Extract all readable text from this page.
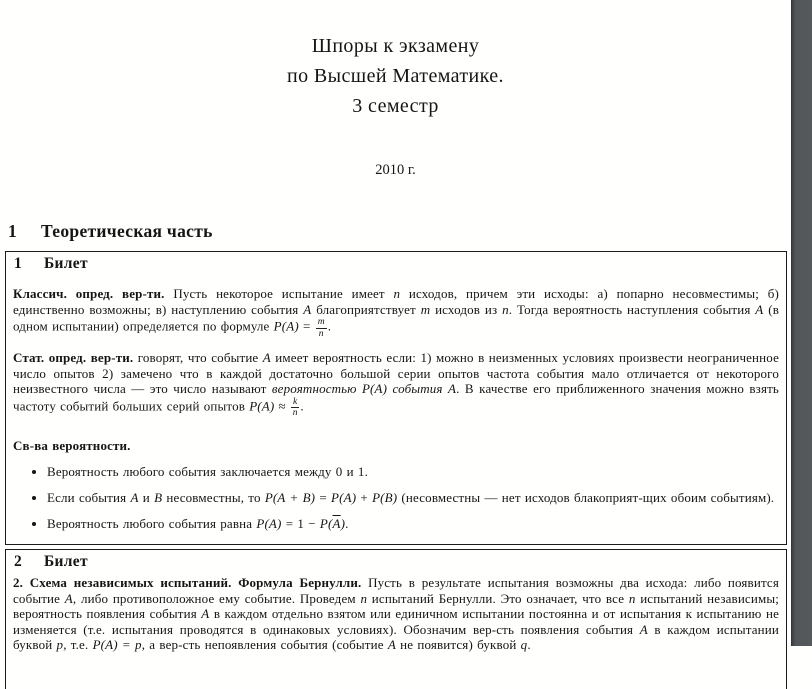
Шпоры к экзамену
по Высшей Математике.
3 семестр
2010 г.
1 Теоретическая часть
1 Билет

Классич. опред. вер-ти. Пусть некоторое испытание имеет n исходов, причем эти исходы: а) попарно несовместимы; б) единственно возможны; в) наступлению события A благоприятствует m исходов из n. Тогда вероятность наступления события A (в одном испытании) определяется по формуле $P(A) = \frac{m}{n}$ .

Стат. опред. вер-ти. говорят, что событие A имеет вероятность если: 1) можно в неизменных условиях произвести неограниченное число опытов 2) замечено что в каждой достаточно большой серии опытов частота события мало отличается от некоторого неизвестного числа — это число называют вероятностью P(A) события A. В качестве его приближенного значения можно взять частоту событий больших серий опытов $P(A) \approx \frac{k}{n}$ .

Св-ва вероятности.

• Вероятность любого события заключается между 0 и 1.
• Если события A и B несовместны, то P(A + B) = P(A) + P(B) (несовместны — нет исходов блакоприят-щих обоим событиям).
• Вероятность любого события равна $P(A) = 1 - P(\overline{A})$.
2 Билет

2. Схема независимых испытаний. Формула Бернулли. Пусть в результате испытания возможны два исхода: либо появится событие A, либо противоположное ему событие. Проведем n испытаний Бернулли. Это означает, что все n испытаний независимы; вероятность появления события A в каждом отдельно взятом или единичном испытании постоянна и от испытания к испытанию не изменяется (т.е. испытания проводятся в одинаковых условиях). Обозначим вер-сть появления события A в каждом испытании буквой p, т.е. P(A) = p, а вер-сть непоявления события (событие A не появится) буквой q.
